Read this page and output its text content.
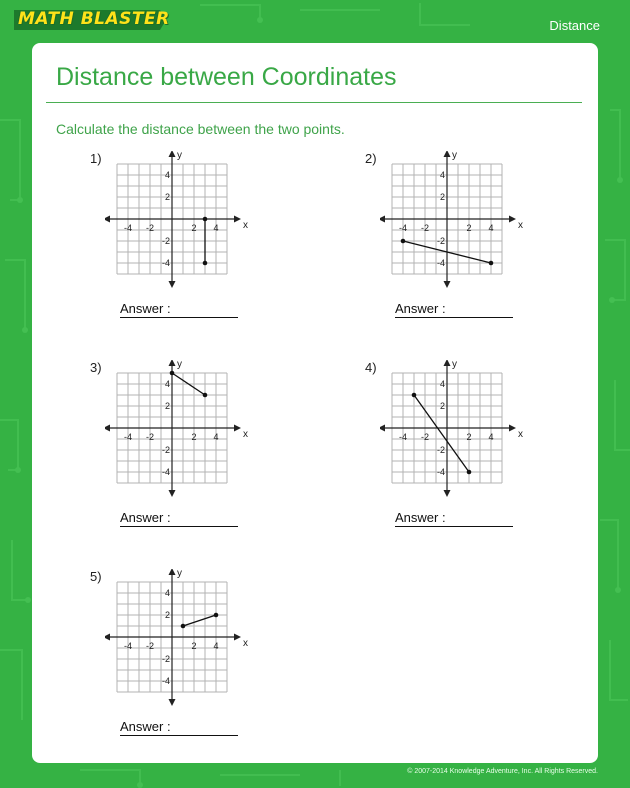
MATH BLASTER	Distance
Distance between Coordinates
Calculate the distance between the two points.
1)
x
y
-4 -2	2 4
4
2
-2
-4
Answer :
2)
x
y
-4 -2	2 4
4
2
-2
-4
Answer :
3)
x
y
-4 -2	2 4
4
2
-2
-4
Answer :
4)
x
y
-4 -2	2 4
4
2
-2
-4
Answer :
5)
x
y
-4 -2	2 4
4
2
-2
-4
Answer :
© 2007-2014 Knowledge Adventure, Inc. All Rights Reserved.
